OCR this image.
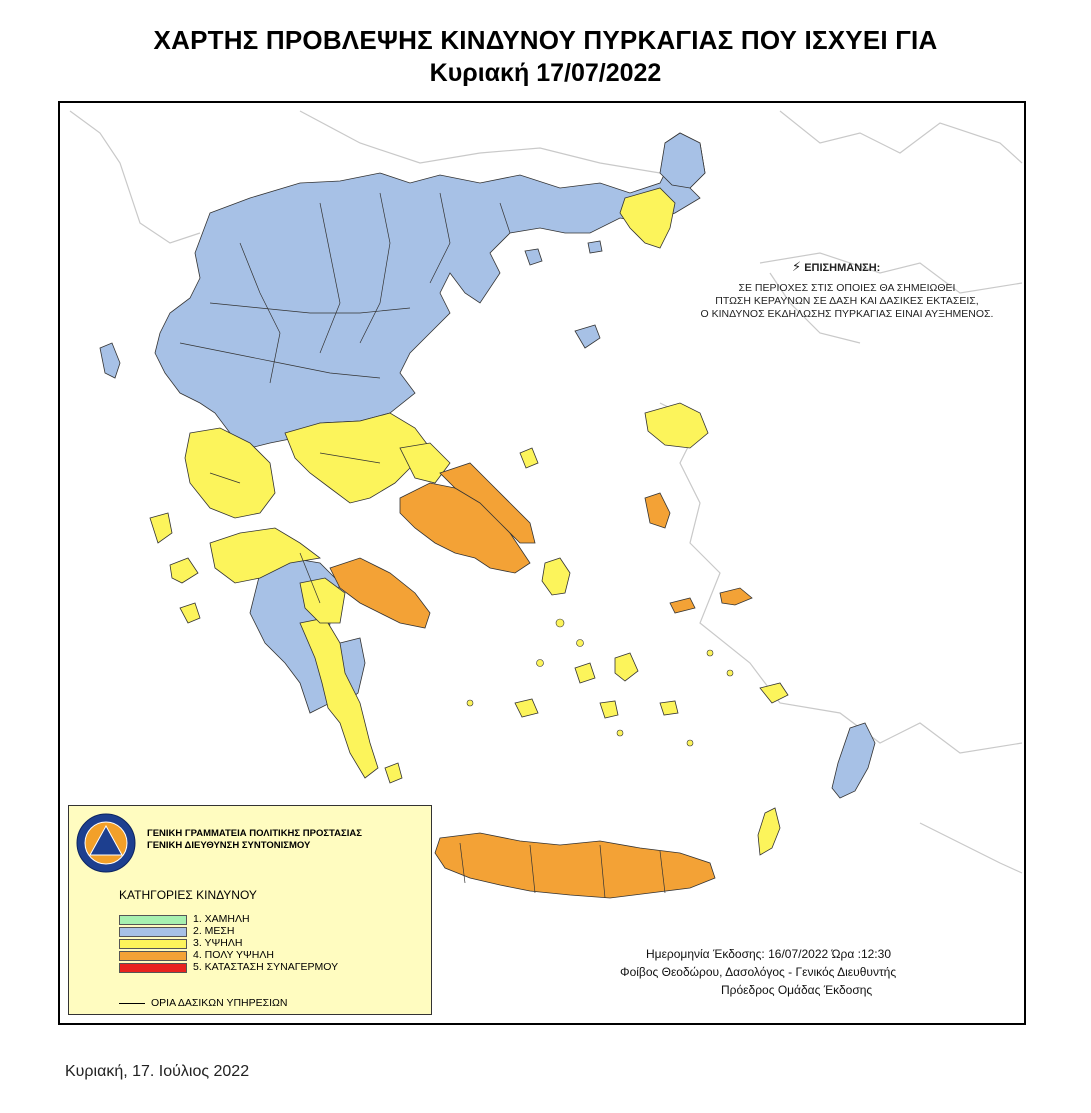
ΧΑΡΤΗΣ ΠΡΟΒΛΕΨΗΣ ΚΙΝΔΥΝΟΥ ΠΥΡΚΑΓΙΑΣ ΠΟΥ ΙΣΧΥΕΙ ΓΙΑ
Κυριακή 17/07/2022
⚡ ΕΠΙΣΗΜΑΝΣΗ:
ΣΕ ΠΕΡΙΟΧΕΣ ΣΤΙΣ ΟΠΟΙΕΣ ΘΑ ΣΗΜΕΙΩΘΕΙ
ΠΤΩΣΗ ΚΕΡΑΥΝΩΝ ΣΕ ΔΑΣΗ ΚΑΙ ΔΑΣΙΚΕΣ ΕΚΤΑΣΕΙΣ,
Ο ΚΙΝΔΥΝΟΣ ΕΚΔΗΛΩΣΗΣ ΠΥΡΚΑΓΙΑΣ ΕΙΝΑΙ ΑΥΞΗΜΕΝΟΣ.
ΓΕΝΙΚΗ ΓΡΑΜΜΑΤΕΙΑ ΠΟΛΙΤΙΚΗΣ ΠΡΟΣΤΑΣΙΑΣ
ΓΕΝΙΚΗ ΔΙΕΥΘΥΝΣΗ ΣΥΝΤΟΝΙΣΜΟΥ
ΚΑΤΗΓΟΡΙΕΣ ΚΙΝΔΥΝΟΥ
1. ΧΑΜΗΛΗ
2. ΜΕΣΗ
3. ΥΨΗΛΗ
4. ΠΟΛΥ ΥΨΗΛΗ
5. ΚΑΤΑΣΤΑΣΗ ΣΥΝΑΓΕΡΜΟΥ
ΟΡΙΑ ΔΑΣΙΚΩΝ ΥΠΗΡΕΣΙΩΝ
Ημερομηνία Έκδοσης: 16/07/2022 Ώρα :12:30
Φοίβος Θεοδώρου, Δασολόγος - Γενικός Διευθυντής
Πρόεδρος Ομάδας Έκδοσης
Κυριακή, 17. Ιούλιος 2022
